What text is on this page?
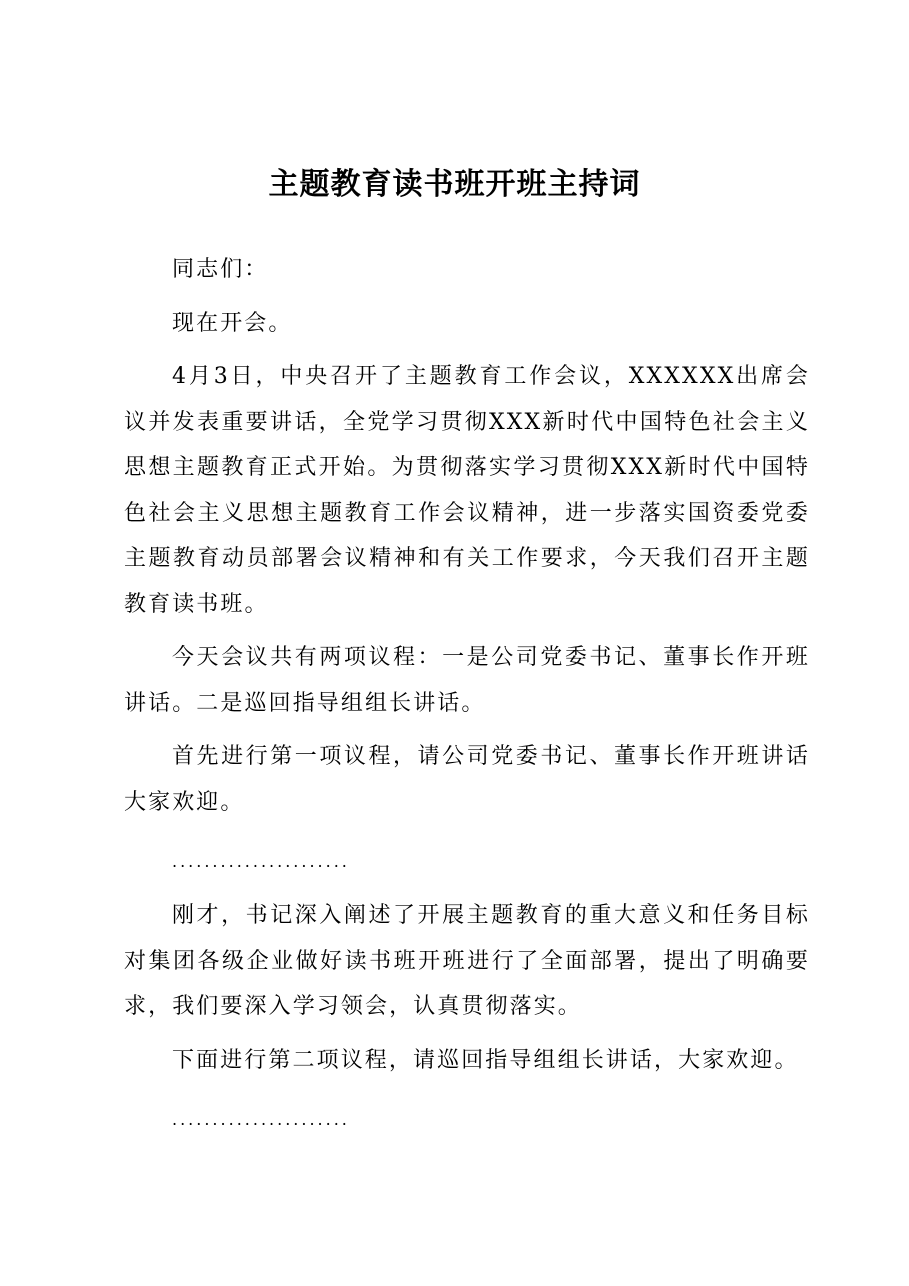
主题教育读书班开班主持词

同志们：

现在开会。

4月3日，中央召开了主题教育工作会议，XXXXXX出席会议并发表重要讲话，全党学习贯彻XXX新时代中国特色社会主义思想主题教育正式开始。为贯彻落实学习贯彻XXX新时代中国特色社会主义思想主题教育工作会议精神，进一步落实国资委党委主题教育动员部署会议精神和有关工作要求，今天我们召开主题教育读书班。

今天会议共有两项议程：一是公司党委书记、董事长作开班讲话。二是巡回指导组组长讲话。

首先进行第一项议程，请公司党委书记、董事长作开班讲话大家欢迎。

......................

刚才，书记深入阐述了开展主题教育的重大意义和任务目标对集团各级企业做好读书班开班进行了全面部署，提出了明确要求，我们要深入学习领会，认真贯彻落实。

下面进行第二项议程，请巡回指导组组长讲话，大家欢迎。

......................
